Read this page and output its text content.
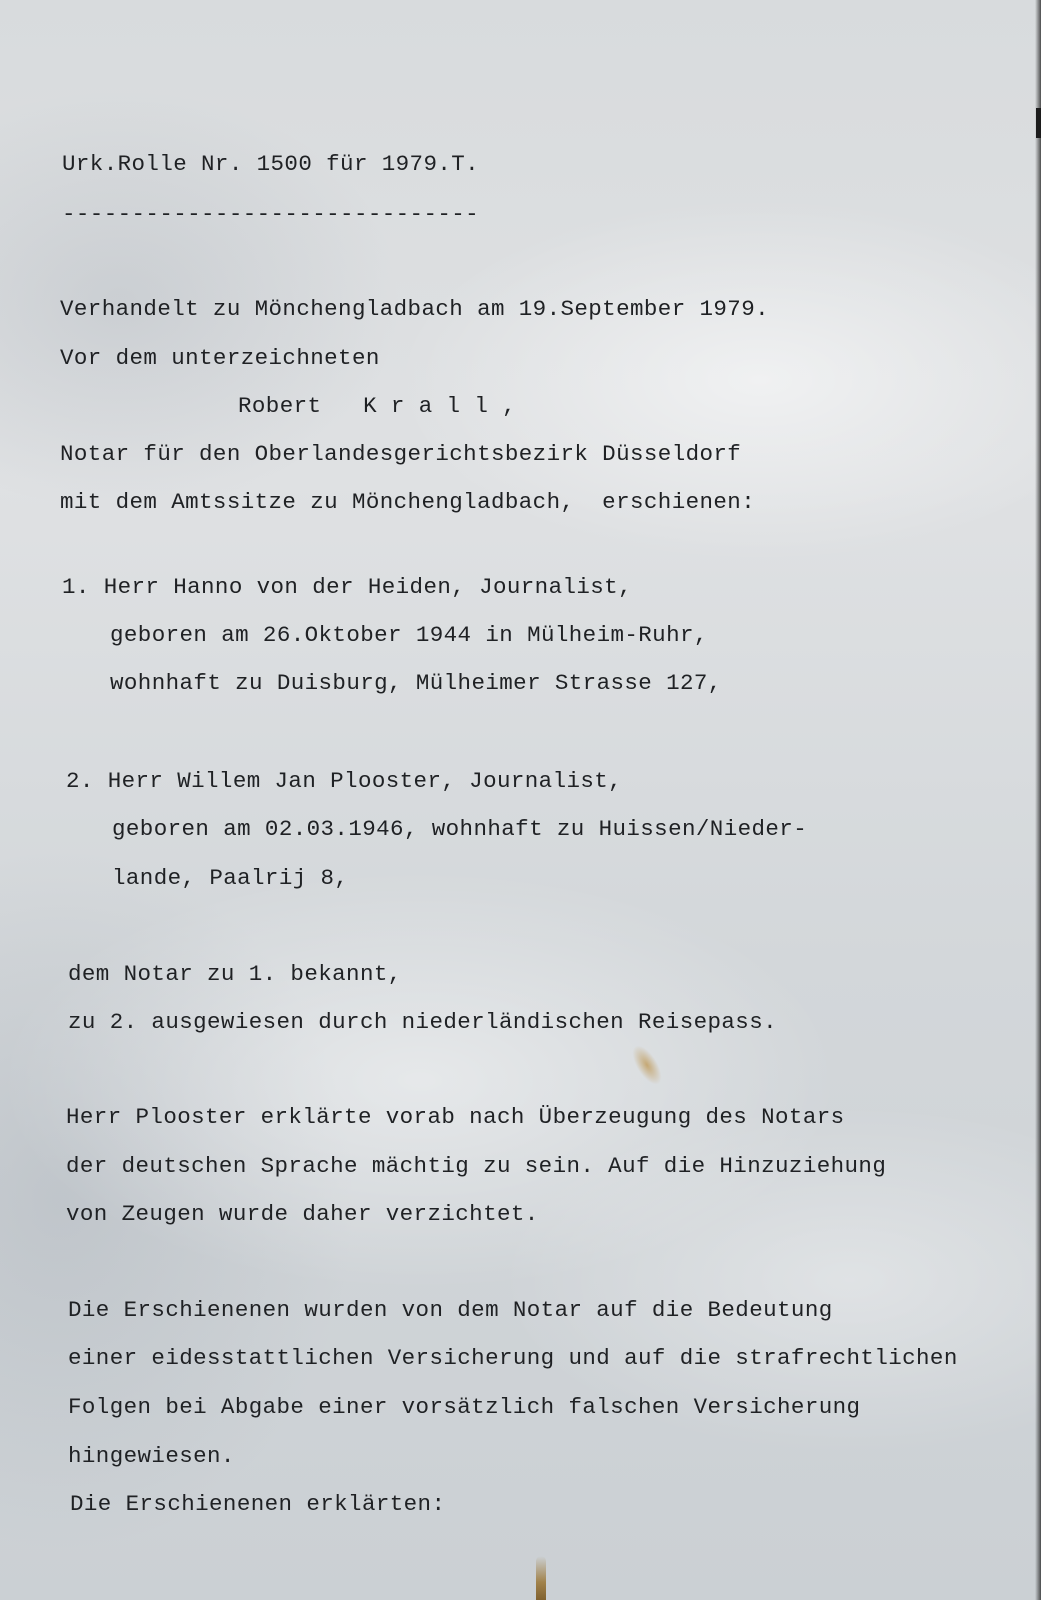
Urk.Rolle Nr. 1500 für 1979.T.

------------------------------

Verhandelt zu Mönchengladbach am 19.September 1979.

Vor dem unterzeichneten

Robert   K r a l l ,

Notar für den Oberlandesgerichtsbezirk Düsseldorf

mit dem Amtssitze zu Mönchengladbach,  erschienen:

1. Herr Hanno von der Heiden, Journalist,

geboren am 26.Oktober 1944 in Mülheim-Ruhr,

wohnhaft zu Duisburg, Mülheimer Strasse 127,

2. Herr Willem Jan Plooster, Journalist,

geboren am 02.03.1946, wohnhaft zu Huissen/Nieder-

lande, Paalrij 8,

dem Notar zu 1. bekannt,

zu 2. ausgewiesen durch niederländischen Reisepass.

Herr Plooster erklärte vorab nach Überzeugung des Notars

der deutschen Sprache mächtig zu sein. Auf die Hinzuziehung

von Zeugen wurde daher verzichtet.

Die Erschienenen wurden von dem Notar auf die Bedeutung

einer eidesstattlichen Versicherung und auf die strafrechtlichen

Folgen bei Abgabe einer vorsätzlich falschen Versicherung

hingewiesen.

Die Erschienenen erklärten:
